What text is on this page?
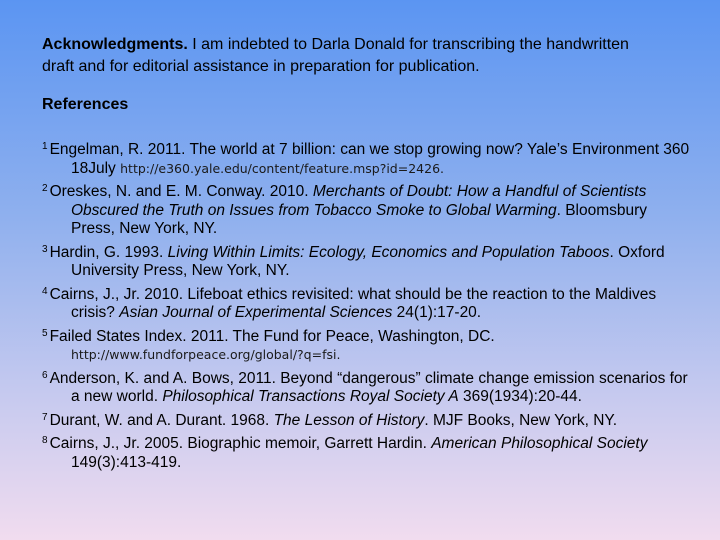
Acknowledgments. I am indebted to Darla Donald for transcribing the handwritten draft and for editorial assistance in preparation for publication.
References
$^1$ Engelman, R. 2011. The world at 7 billion: can we stop growing now? Yale’s Environment 360 18July http://e360.yale.edu/content/feature.msp?id=2426.
$^2$ Oreskes, N. and E. M. Conway. 2010. Merchants of Doubt: How a Handful of Scientists Obscured the Truth on Issues from Tobacco Smoke to Global Warming. Bloomsbury Press, New York, NY.
$^3$ Hardin, G. 1993. Living Within Limits: Ecology, Economics and Population Taboos. Oxford University Press, New York, NY.
$^4$ Cairns, J., Jr. 2010. Lifeboat ethics revisited: what should be the reaction to the Maldives crisis? Asian Journal of Experimental Sciences 24(1):17-20.
$^5$ Failed States Index. 2011. The Fund for Peace, Washington, DC. http://www.fundforpeace.org/global/?q=fsi.
$^6$ Anderson, K. and A. Bows, 2011. Beyond “dangerous” climate change emission scenarios for a new world. Philosophical Transactions Royal Society A 369(1934):20-44.
$^7$ Durant, W. and A. Durant. 1968. The Lesson of History. MJF Books, New York, NY.
$^8$ Cairns, J., Jr. 2005. Biographic memoir, Garrett Hardin. American Philosophical Society 149(3):413-419.
